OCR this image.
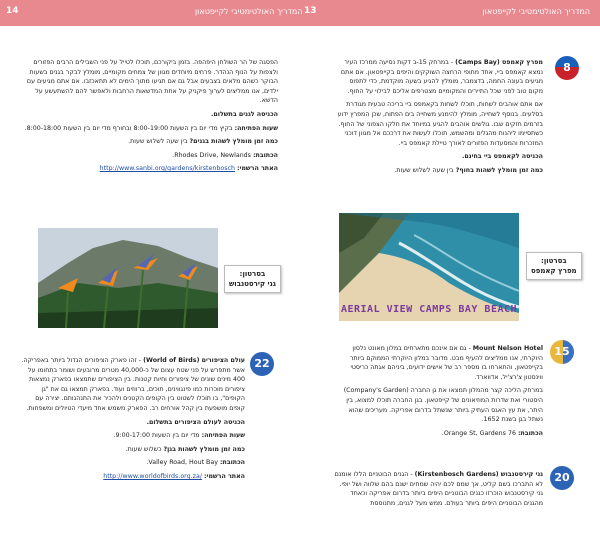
המדריך האולטימטיבי לקייפטאון
14	13	המדריך האולטימטיבי לקייפטאון
8

מפרץ קאמפס (Camps Bay) - במרחק 15-ב דקות נסיעה ממרכז העיר נמצא קאמפס ביי, אחד מחופי הרחצה השוקקים והיפים בקייפטאון. אם אתם מגיעים בעונה החמה, בדצמבר, מומלץ להגיע בשעה מוקדמת, כדי לתפוס מקום טוב לפני שכל התיירים והמקומיים מצטרפים אליכם לבילוי על החוף.

אם אתם אוהבים לשחות, תוכלו לשחות בקאמפס ביי בריכה טבעית מגודרת בסלעים. בנוסף לשחייה, מומלץ להימנע משחייה בים הפתוח, שכן המפרץ ידוע בזרמים חזקים שבו. גולשים אוהבים להגיע במיוחד את חלקו הצפוני של החוף. כשתסיימו ליהנות מהגלים ומהשמש, תוכלו לעשות את דרככם אל מגוון דוכני המזכרות והמסעדות הפזורים לאורך טיילת קאמפס ביי.

הכניסה לקאמפס ביי בחינם.

כמה זמן מומלץ לשהות בחוף? בין שעה לשלוש שעות.

AERIAL VIEW CAMPS BAY BEACH
בסרטון:
מפרץ קאמפס
15

Mount Nelson Hotel - גם אם אינכם מתארחים במלון מאונט נלסון היוקרתי, אנו ממליצים להעיף מבט. מדובר במלון היוקרתי הממוקם ביותר בקייפטאון, והתארחו בו מספר רב של אישים ידועים, ביניהם אגתה כריסטי ווינסטון צ'רצ'יל, אדווארד.

במרחק הליכה קצר מהמלון תמצאו את גן החברה (Company's Garden) היסטורי ואת שדרות המוזיאונים של קייפטאון. בגן החברה תוכלו למצוא, בין היתר, את עץ האגס העתיק ביותר שנשתל בדרום אפריקה. מעריכים שהוא נשתל בגן בשנת 1652.

הכתובת: 76 Orange St, Gardens.

20

גני קירסטנבוש (Kirstenbosch Gardens) - הגנים הבוטניים הללו אומנם לא התברכו בשם קליט, אך שמם לכם יהיה שמחים ישנם בהם שלווה ושל יופי. גני קירסטנבוש הוכרזו כגנים הבוטניים היפים ביותר בדרום אפריקה וכאחד מהגנים הבוטניים היפים ביותר בעולם. ממש מעל לגנים, מתנוססת

הפסגה של הר השולחן היפהפה. בזמן ביקורכם, תוכלו לטייל על פני השבילים הרבים הפזורים ולצפות על הנוף הנהדר. פרחים מיוחדים מגוון של צמחים מקומיים, מומלץ לבקר בגנים בשעות הבוקר כשהם מלאים בצבעים אבל גם אם תגיעו מתוך הימים לא תתאכזבו. אם אתם מגיעים עם ילדים, אנו ממליצים לערוך פיקניק על אחת המדשאות הרחבות ולאפשר להם להשתעשע על הדשא.

הכניסה לגנים בתשלום.

שעות הפתיחה: בקיץ מדי יום בין השעות 8:00-19:00 ובחורף מדי יום בין השעות 8:00-18:00.

כמה זמן מומלץ לשהות בגנים? בין שעה לשלוש שעות.

הכתובת: Rhodes Drive, Newlands.

האתר הרשמי: http://www.sanbi.org/gardens/kirstenbosch

בסרטון:
גני קירסטנבוש
22

עולם הציפורים (World of Birds) - זהו פארק הציפורים הגדול ביותר באפריקה. אשר מתפרש על פני שטח עצום של כ-40,000 מטרים מרובעים ושומר בתחומו על 400 מינים שונים של ציפורים וחיות קטנות. בין הציפורים שתמצאו בפארק נמצאות ציפורים מוכרות כמו פינגווינים, תוכים, ברווזים ועוד. בפארק תמצאו גם את "גן הקופים", בו תוכלו לשטוט בין הקופים הקטנים ולהכיר את התנהגותם. יצירה עם קופים מושפעת בין קהל אורחים רב. הפארק משמש אחד מיעדי הטיולים ומשפחות.

הכניסה לעולם הציפורים בתשלום.

שעות הפתיחה: מדי יום בין השעות 9:00-17:00.

כמה זמן מומלץ לשהות בגן? כשלוש שעות.

הכתובת: Valley Road, Hout Bay.

האתר הרשמי: http://www.worldofbirds.org.za/
